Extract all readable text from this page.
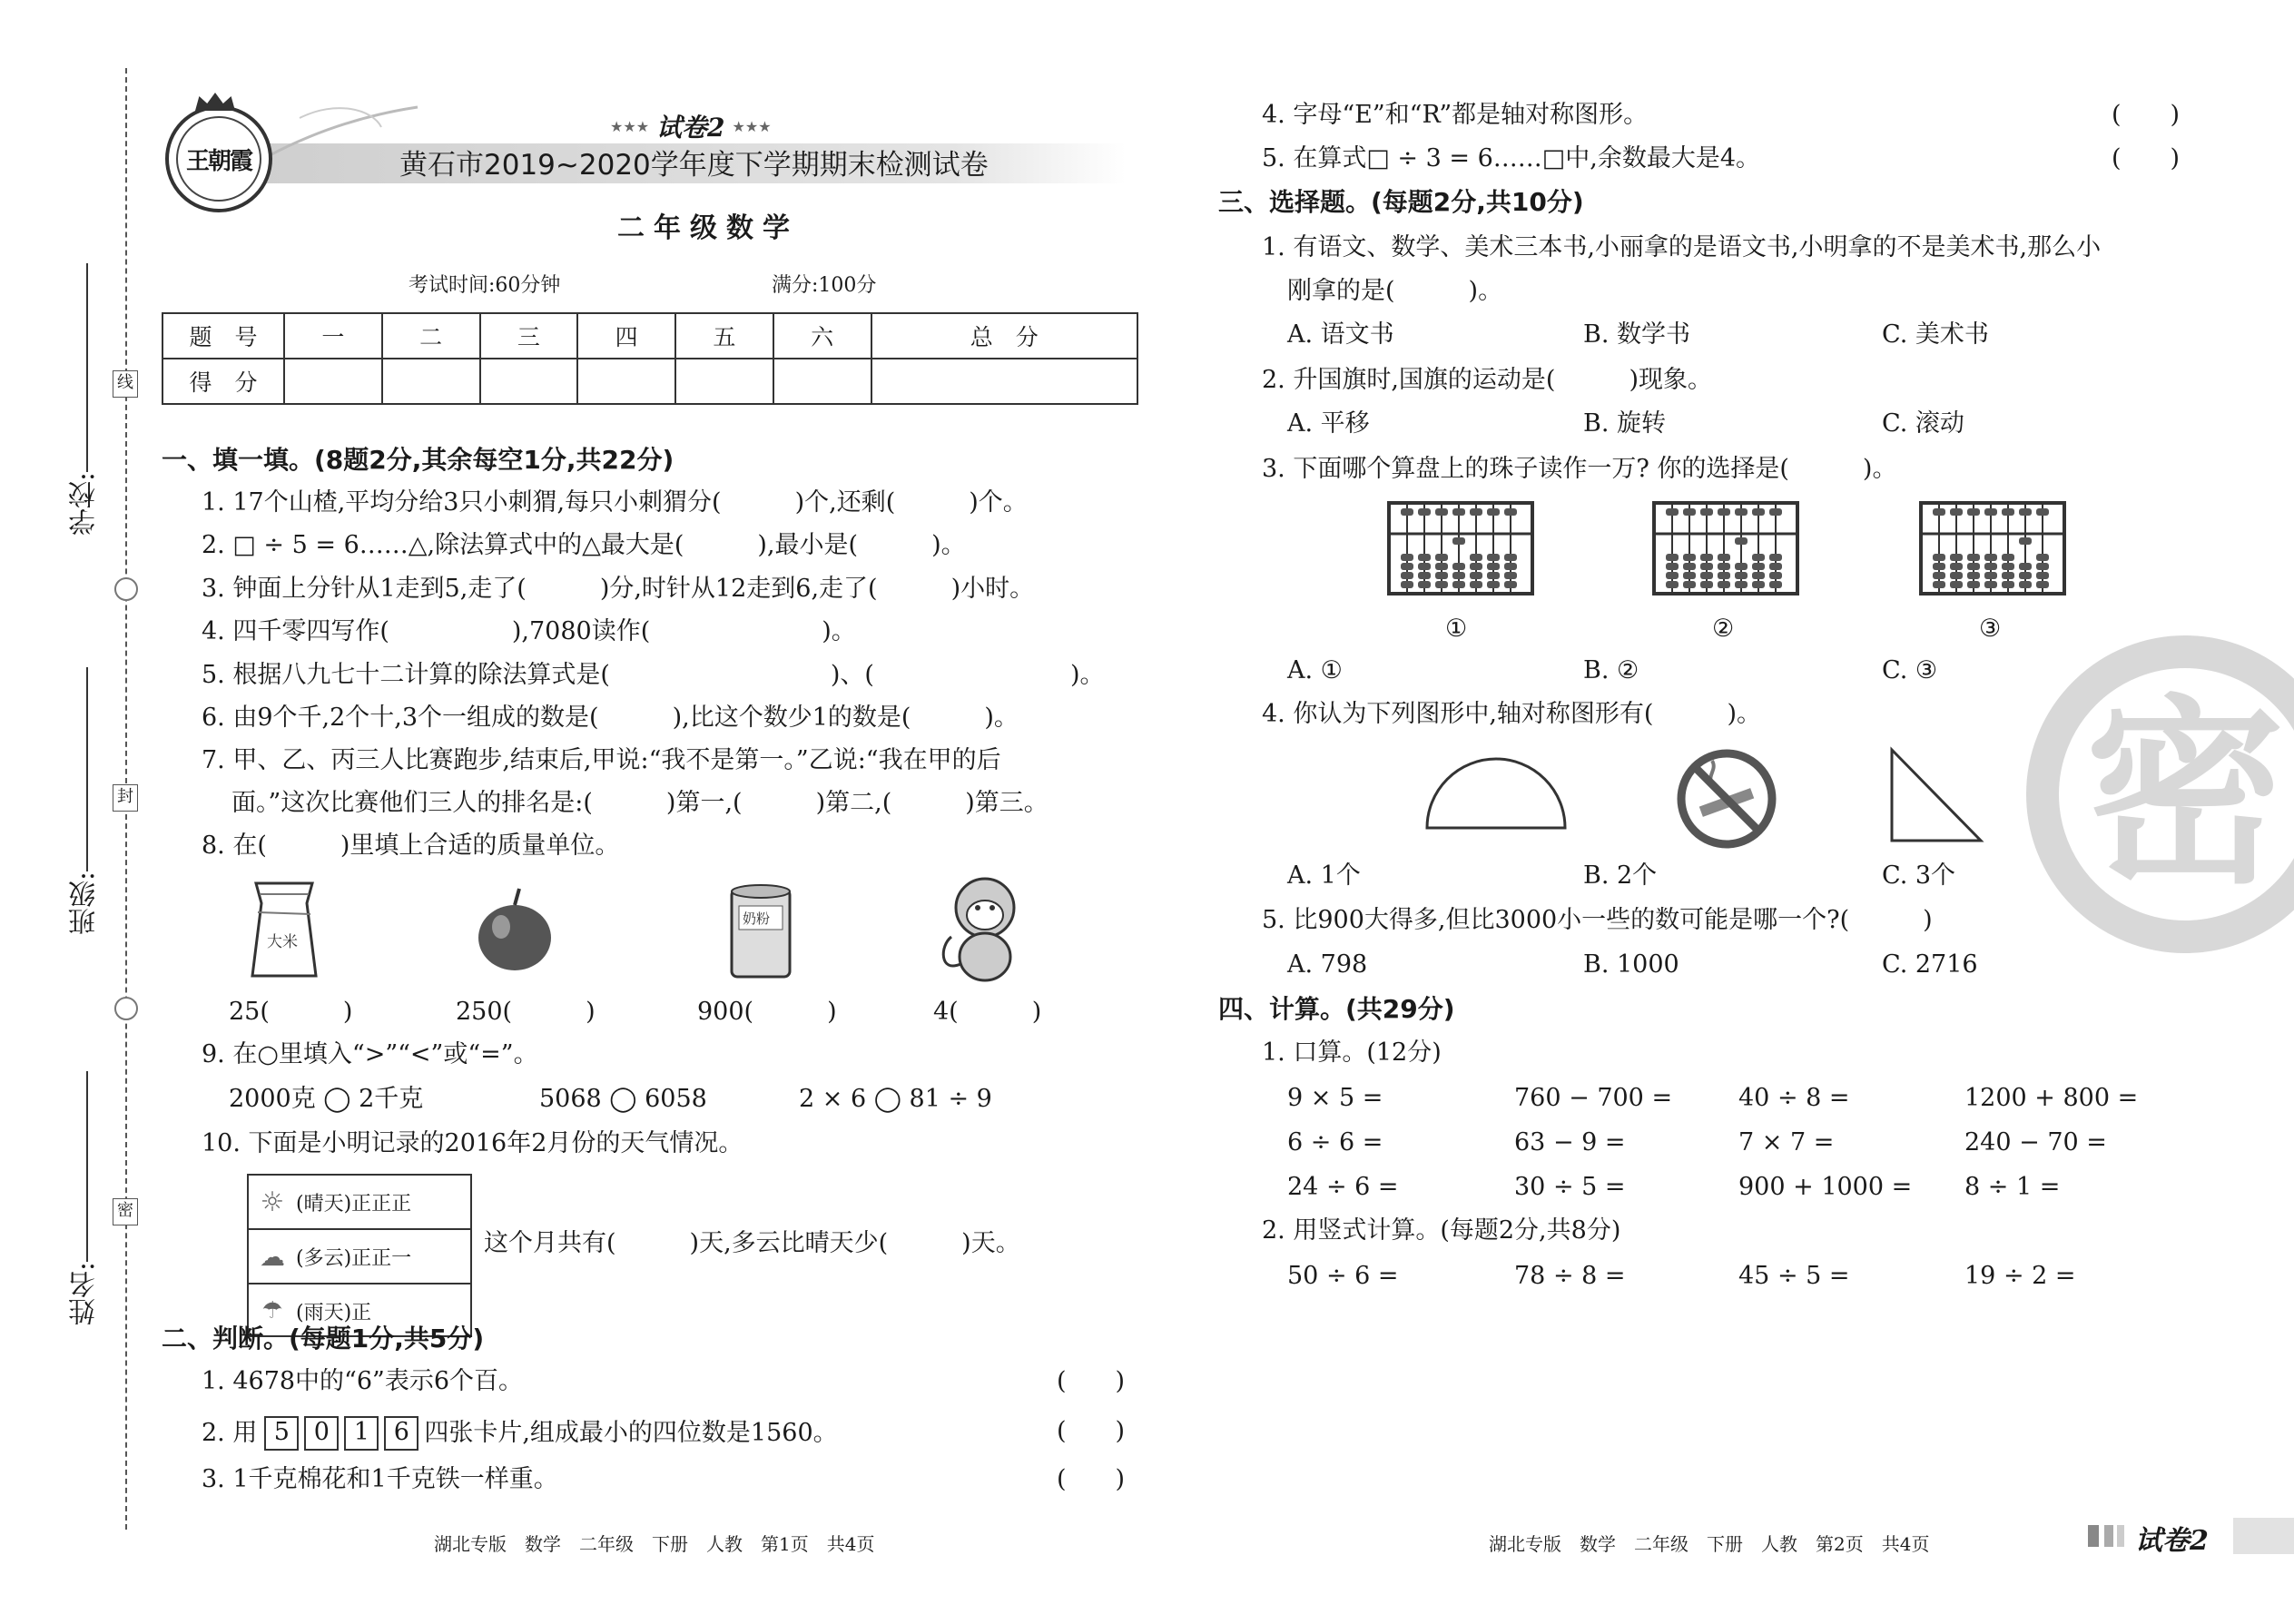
学校:
班级:
姓名:
线
封
密
王朝霞
★★★ 试卷2 ★★★
黄石市2019~2020学年度下学期期末检测试卷
二年级数学
考试时间:60分钟	满分:100分
题　号	一	二	三	四	五	六	总　分
得　分							
一、填一填。(8题2分,其余每空1分,共22分)
1. 17个山楂,平均分给3只小刺猬,每只小刺猬分(　　　)个,还剩(　　　)个。
2. □ ÷ 5 = 6……△,除法算式中的△最大是(　　　),最小是(　　　)。
3. 钟面上分针从1走到5,走了(　　　)分,时针从12走到6,走了(　　　)小时。
4. 四千零四写作(　　　　　),7080读作(　　　　　　　)。
5. 根据八九七十二计算的除法算式是(　　　　　　　　　)、(　　　　　　　　)。
6. 由9个千,2个十,3个一组成的数是(　　　),比这个数少1的数是(　　　)。
7. 甲、乙、丙三人比赛跑步,结束后,甲说:“我不是第一。”乙说:“我在甲的后
面。”这次比赛他们三人的排名是:(　　　)第一,(　　　)第二,(　　　)第三。
8. 在(　　　)里填上合适的质量单位。
大米
奶粉
25(　　　)	250(　　　)	900(　　　)	4(　　　)
9. 在○里填入“>”“<”或“=”。
2000克 ◯ 2千克	5068 ◯ 6058	2 × 6 ◯ 81 ÷ 9
10. 下面是小明记录的2016年2月份的天气情况。
☼ (晴天)正正正
☁ (多云)正正一
☂ (雨天)正
这个月共有(　　　)天,多云比晴天少(　　　)天。
二、判断。(每题1分,共5分)
1. 4678中的“6”表示6个百。	(　　)
2. 用 5 0 1 6 四张卡片,组成最小的四位数是1560。	(　　)
3. 1千克棉花和1千克铁一样重。	(　　)
湖北专版　数学　二年级　下册　人教　第1页　共4页
4. 字母“E”和“R”都是轴对称图形。	(　　)
5. 在算式□ ÷ 3 = 6……□中,余数最大是4。	(　　)
三、选择题。(每题2分,共10分)
1. 有语文、数学、美术三本书,小丽拿的是语文书,小明拿的不是美术书,那么小
刚拿的是(　　　)。
A. 语文书	B. 数学书	C. 美术书
2. 升国旗时,国旗的运动是(　　　)现象。
A. 平移	B. 旋转	C. 滚动
3. 下面哪个算盘上的珠子读作一万? 你的选择是(　　　)。
①	②	③
A. ①	B. ②	C. ③
4. 你认为下列图形中,轴对称图形有(　　　)。
A. 1个	B. 2个	C. 3个
5. 比900大得多,但比3000小一些的数可能是哪一个?(　　　)
A. 798	B. 1000	C. 2716
四、计算。(共29分)
1. 口算。(12分)
9 × 5 =	760 − 700 =	40 ÷ 8 =	1200 + 800 =
6 ÷ 6 =	63 − 9 =	7 × 7 =	240 − 70 =
24 ÷ 6 =	30 ÷ 5 =	900 + 1000 = 8 ÷ 1 =
2. 用竖式计算。(每题2分,共8分)
50 ÷ 6 =	78 ÷ 8 =	45 ÷ 5 =	19 ÷ 2 =
密
湖北专版　数学　二年级　下册　人教　第2页　共4页	试卷2
